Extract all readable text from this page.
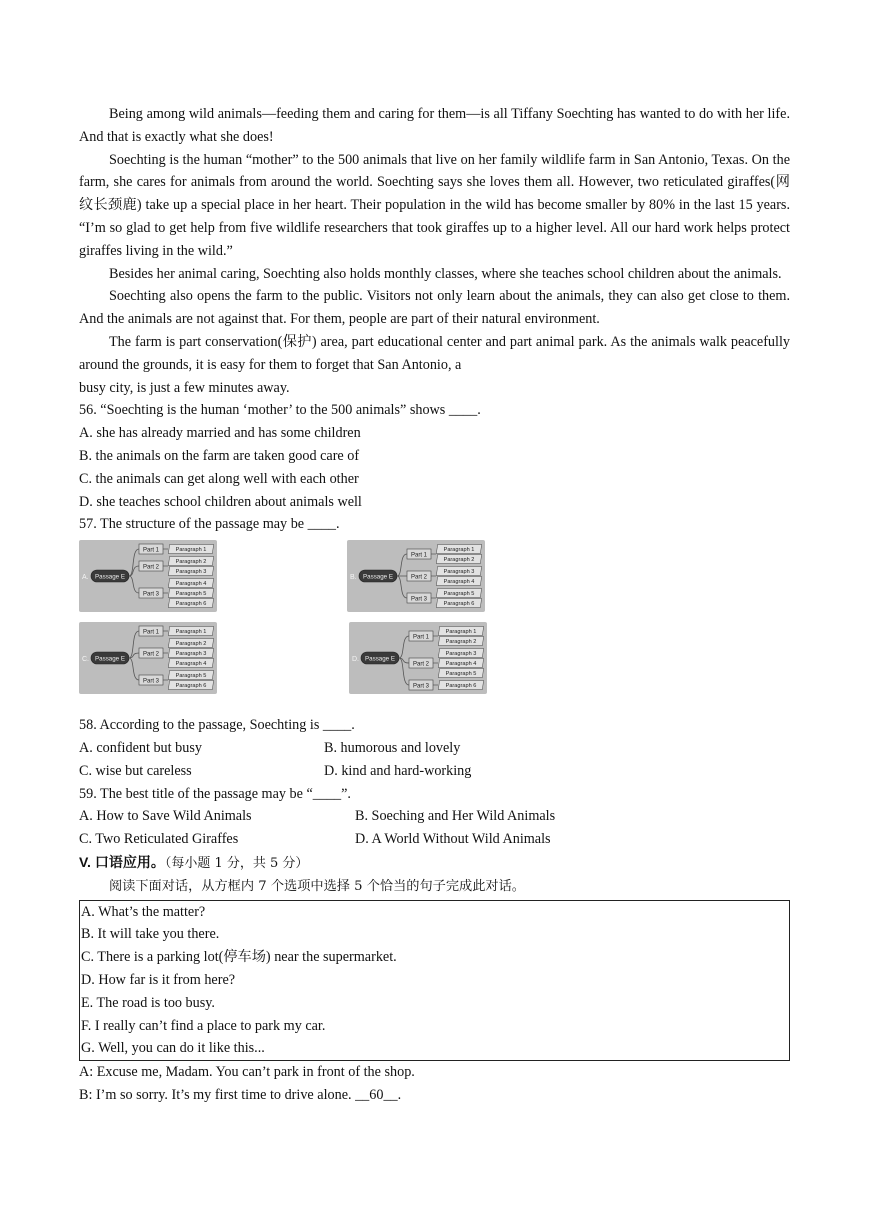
Being among wild animals—feeding them and caring for them—is all Tiffany Soechting has wanted to do with her life. And that is exactly what she does!

Soechting is the human “mother” to the 500 animals that live on her family wildlife farm in San Antonio, Texas. On the farm, she cares for animals from around the world. Soechting says she loves them all. However, two reticulated giraffes(网纹长颈鹿) take up a special place in her heart. Their population in the wild has become smaller by 80% in the last 15 years. “I’m so glad to get help from five wildlife researchers that took giraffes up to a higher level. All our hard work helps protect giraffes living in the wild.”

Besides her animal caring, Soechting also holds monthly classes, where she teaches school children about the animals.

Soechting also opens the farm to the public. Visitors not only learn about the animals, they can also get close to them. And the animals are not against that. For them, people are part of their natural environment.

The farm is part conservation(保护) area, part educational center and part animal park. As the animals walk peacefully around the grounds, it is easy for them to forget that San Antonio, a

busy city, is just a few minutes away.

56. “Soechting is the human ‘mother’ to the 500 animals” shows ____.

A. she has already married and has some children

B. the animals on the farm are taken good care of

C. the animals can get along well with each other

D. she teaches school children about animals well

57. The structure of the passage may be ____.

A. Passage E
Part 1	Paragraph 1
Part 2
Paragraph 2
Paragraph 3
Part 3
Paragraph 4
Paragraph 5
Paragraph 6
B. Passage E
Part 1
Paragraph 1
Paragraph 2
Part 2
Paragraph 3
Paragraph 4
Part 3
Paragraph 5
Paragraph 6
C. Passage E
Part 1	Paragraph 1
Part 2
Paragraph 2
Paragraph 3
Paragraph 4
Part 3
Paragraph 5
Paragraph 6
D. Passage E
Part 1
Paragraph 1
Paragraph 2
Part 2
Paragraph 3
Paragraph 4
Paragraph 5
Part 3	Paragraph 6

58. According to the passage, Soechting is ____.

A. confident but busy	B. humorous and lovely
C. wise but careless	D. kind and hard-working

59. The best title of the passage may be “____”.

A. How to Save Wild Animals	B. Soeching and Her Wild Animals
C. Two Reticulated Giraffes	D. A World Without Wild Animals

V. 口语应用。（每小题 1 分，共 5 分）

阅读下面对话，从方框内 7 个选项中选择 5 个恰当的句子完成此对话。

A. What’s the matter?

B. It will take you there.

C. There is a parking lot(停车场) near the supermarket.

D. How far is it from here?

E. The road is too busy.

F. I really can’t find a place to park my car.

G. Well, you can do it like this...

A: Excuse me, Madam. You can’t park in front of the shop.

B: I’m so sorry. It’s my first time to drive alone. __60__.
